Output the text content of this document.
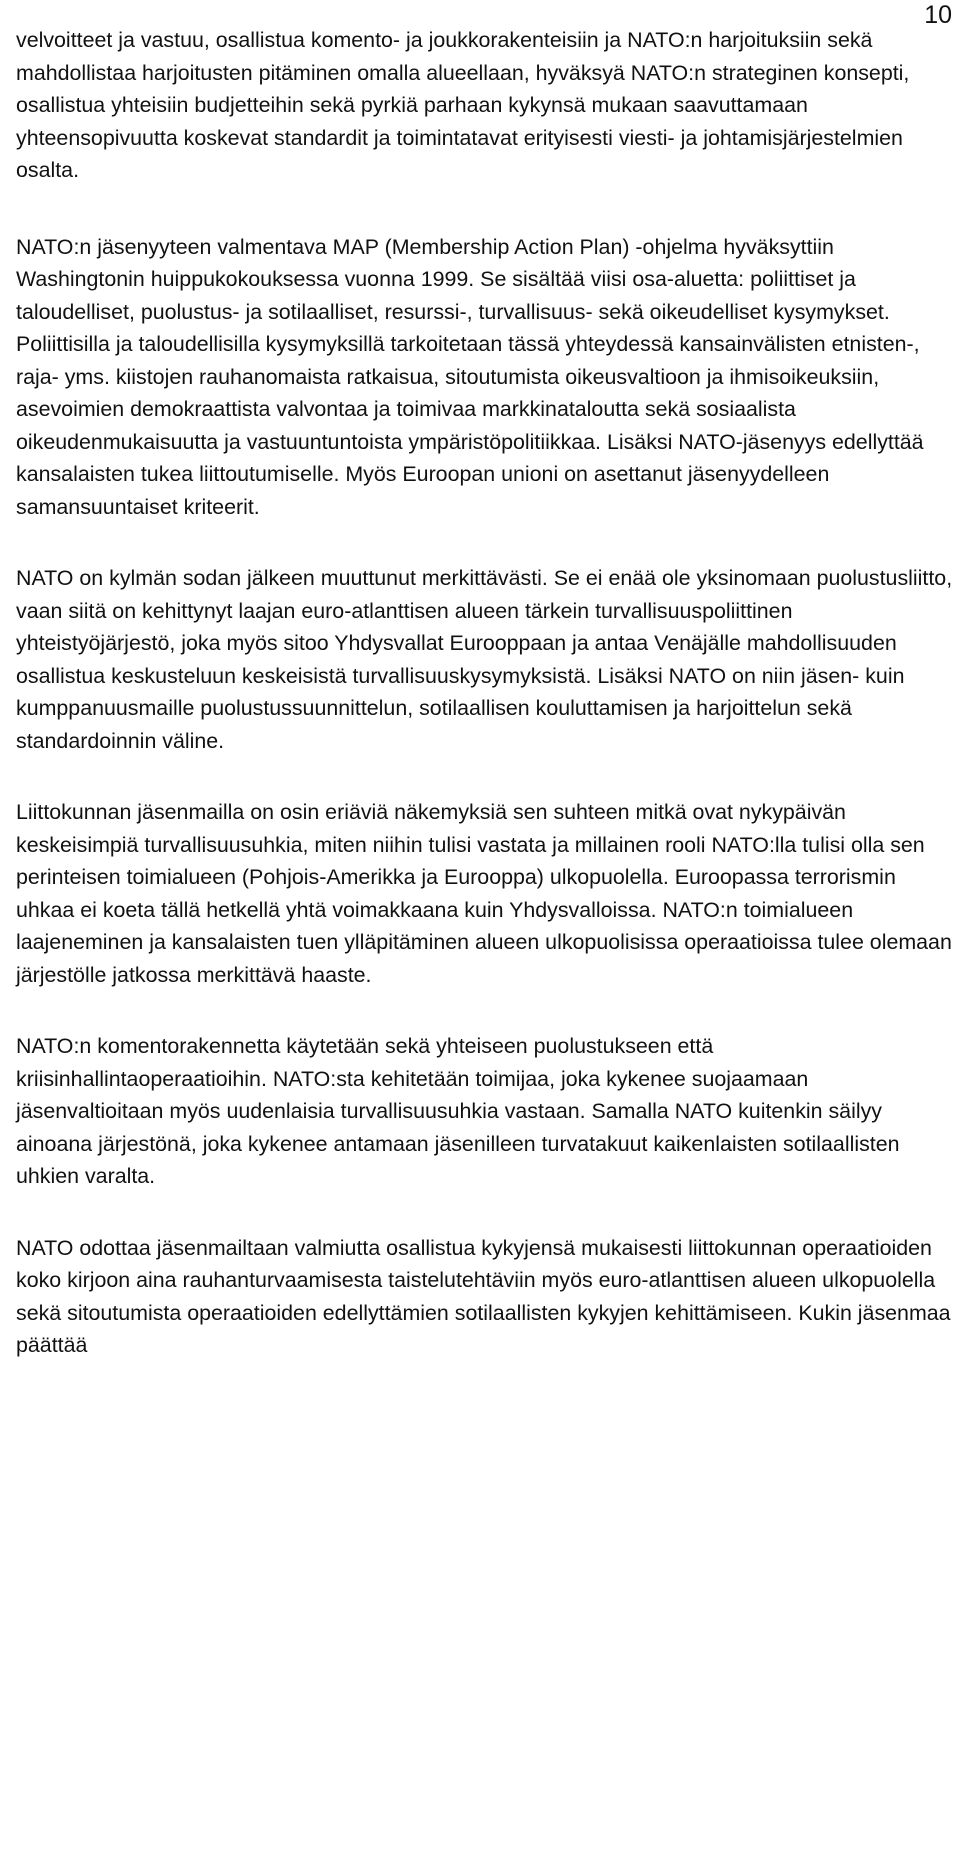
10

velvoitteet ja vastuu, osallistua komento- ja joukkorakenteisiin ja NATO:n harjoituksiin sekä mahdollistaa harjoitusten pitäminen omalla alueellaan, hyväksyä NATO:n strateginen konsepti, osallistua yhteisiin budjetteihin sekä pyrkiä parhaan kykynsä mukaan saavuttamaan yhteensopivuutta koskevat standardit ja toimintatavat erityisesti viesti- ja johtamisjärjestelmien osalta.

NATO:n jäsenyyteen valmentava MAP (Membership Action Plan) -ohjelma hyväksyttiin Washingtonin huippukokouksessa vuonna 1999. Se sisältää viisi osa-aluetta: poliittiset ja taloudelliset, puolustus- ja sotilaalliset, resurssi-, turvallisuus- sekä oikeudelliset kysymykset. Poliittisilla ja taloudellisilla kysymyksillä tarkoitetaan tässä yhteydessä kansainvälisten etnisten-, raja- yms. kiistojen rauhanomaista ratkaisua, sitoutumista oikeusvaltioon ja ihmisoikeuksiin, asevoimien demokraattista valvontaa ja toimivaa markkinataloutta sekä sosiaalista oikeudenmukaisuutta ja vastuuntuntoista ympäristöpolitiikkaa. Lisäksi NATO-jäsenyys edellyttää kansalaisten tukea liittoutumiselle. Myös Euroopan unioni on asettanut jäsenyydelleen samansuuntaiset kriteerit.

NATO on kylmän sodan jälkeen muuttunut merkittävästi. Se ei enää ole yksinomaan puolustusliitto, vaan siitä on kehittynyt laajan euro-atlanttisen alueen tärkein turvallisuuspoliittinen yhteistyöjärjestö, joka myös sitoo Yhdysvallat Eurooppaan ja antaa Venäjälle mahdollisuuden osallistua keskusteluun keskeisistä turvallisuuskysymyksistä. Lisäksi NATO on niin jäsen- kuin kumppanuusmaille puolustussuunnittelun, sotilaallisen kouluttamisen ja harjoittelun sekä standardoinnin väline.

Liittokunnan jäsenmailla on osin eriäviä näkemyksiä sen suhteen mitkä ovat nykypäivän keskeisimpiä turvallisuusuhkia, miten niihin tulisi vastata ja millainen rooli NATO:lla tulisi olla sen perinteisen toimialueen (Pohjois-Amerikka ja Eurooppa) ulkopuolella. Euroopassa terrorismin uhkaa ei koeta tällä hetkellä yhtä voimakkaana kuin Yhdysvalloissa. NATO:n toimialueen laajeneminen ja kansalaisten tuen ylläpitäminen alueen ulkopuolisissa operaatioissa tulee olemaan järjestölle jatkossa merkittävä haaste.

NATO:n komentorakennetta käytetään sekä yhteiseen puolustukseen että kriisinhallintaoperaatioihin. NATO:sta kehitetään toimijaa, joka kykenee suojaamaan jäsenvaltioitaan myös uudenlaisia turvallisuusuhkia vastaan. Samalla NATO kuitenkin säilyy ainoana järjestönä, joka kykenee antamaan jäsenilleen turvatakuut kaikenlaisten sotilaallisten uhkien varalta.

NATO odottaa jäsenmailtaan valmiutta osallistua kykyjensä mukaisesti liittokunnan operaatioiden koko kirjoon aina rauhanturvaamisesta taistelutehtäviin myös euro-atlanttisen alueen ulkopuolella sekä sitoutumista operaatioiden edellyttämien sotilaallisten kykyjen kehittämiseen. Kukin jäsenmaa päättää
